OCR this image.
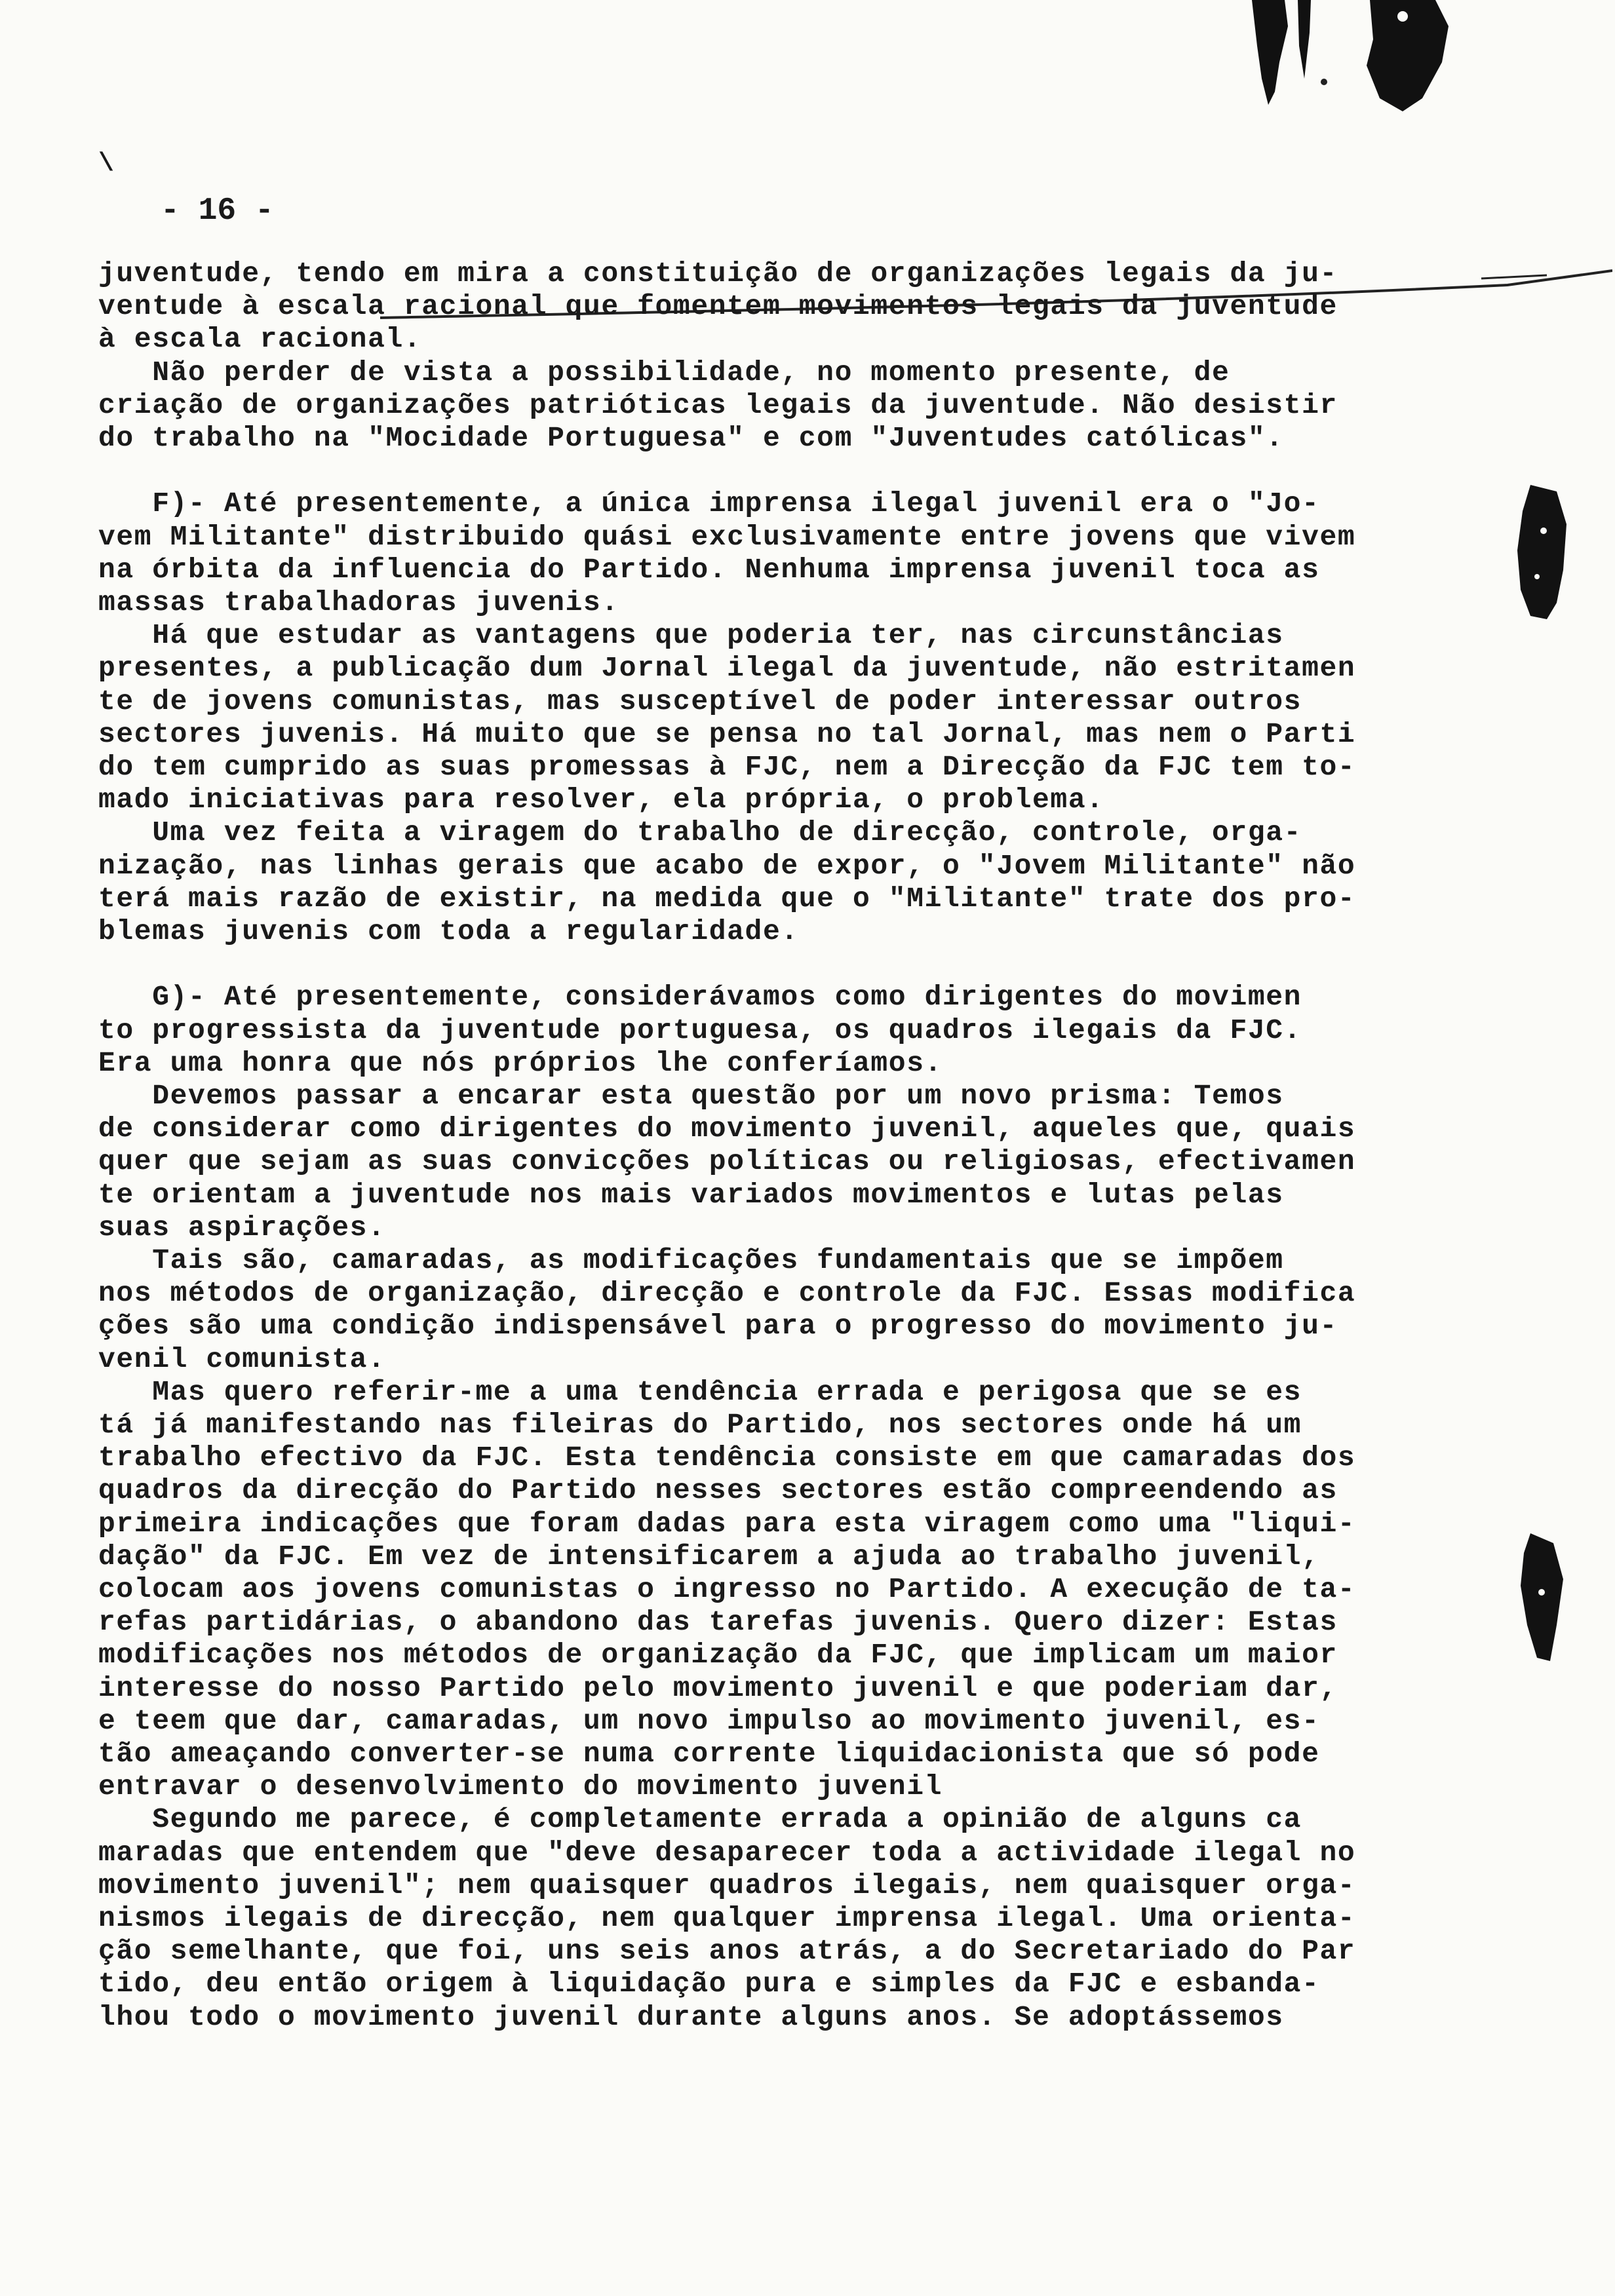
\
- 16 -
juventude, tendo em mira a constituição de organizações legais da ju-
ventude à escala racional que fomentem movimentos legais da juventude
à escala racional.
Não perder de vista a possibilidade, no momento presente, de
criação de organizações patrióticas legais da juventude. Não desistir
do trabalho na "Mocidade Portuguesa" e com "Juventudes católicas".
F)- Até presentemente, a única imprensa ilegal juvenil era o "Jo-
vem Militante" distribuido quási exclusivamente entre jovens que vivem
na órbita da influencia do Partido. Nenhuma imprensa juvenil toca as
massas trabalhadoras juvenis.
Há que estudar as vantagens que poderia ter, nas circunstâncias
presentes, a publicação dum Jornal ilegal da juventude, não estritamen
te de jovens comunistas, mas susceptível de poder interessar outros
sectores juvenis. Há muito que se pensa no tal Jornal, mas nem o Parti
do tem cumprido as suas promessas à FJC, nem a Direcção da FJC tem to-
mado iniciativas para resolver, ela própria, o problema.
Uma vez feita a viragem do trabalho de direcção, controle, orga-
nização, nas linhas gerais que acabo de expor, o "Jovem Militante" não
terá mais razão de existir, na medida que o "Militante" trate dos pro-
blemas juvenis com toda a regularidade.
G)- Até presentemente, considerávamos como dirigentes do movimen
to progressista da juventude portuguesa, os quadros ilegais da FJC.
Era uma honra que nós próprios lhe conferíamos.
Devemos passar a encarar esta questão por um novo prisma: Temos
de considerar como dirigentes do movimento juvenil, aqueles que, quais
quer que sejam as suas convicções políticas ou religiosas, efectivamen
te orientam a juventude nos mais variados movimentos e lutas pelas
suas aspirações.
Tais são, camaradas, as modificações fundamentais que se impõem
nos métodos de organização, direcção e controle da FJC. Essas modifica
ções são uma condição indispensável para o progresso do movimento ju-
venil comunista.
Mas quero referir-me a uma tendência errada e perigosa que se es
tá já manifestando nas fileiras do Partido, nos sectores onde há um
trabalho efectivo da FJC. Esta tendência consiste em que camaradas dos
quadros da direcção do Partido nesses sectores estão compreendendo as
primeira indicações que foram dadas para esta viragem como uma "liqui-
dação" da FJC. Em vez de intensificarem a ajuda ao trabalho juvenil,
colocam aos jovens comunistas o ingresso no Partido. A execução de ta-
refas partidárias, o abandono das tarefas juvenis. Quero dizer: Estas
modificações nos métodos de organização da FJC, que implicam um maior
interesse do nosso Partido pelo movimento juvenil e que poderiam dar,
e teem que dar, camaradas, um novo impulso ao movimento juvenil, es-
tão ameaçando converter-se numa corrente liquidacionista que só pode
entravar o desenvolvimento do movimento juvenil
Segundo me parece, é completamente errada a opinião de alguns ca
maradas que entendem que "deve desaparecer toda a actividade ilegal no
movimento juvenil"; nem quaisquer quadros ilegais, nem quaisquer orga-
nismos ilegais de direcção, nem qualquer imprensa ilegal. Uma orienta-
ção semelhante, que foi, uns seis anos atrás, a do Secretariado do Par
tido, deu então origem à liquidação pura e simples da FJC e esbanda-
lhou todo o movimento juvenil durante alguns anos. Se adoptássemos
